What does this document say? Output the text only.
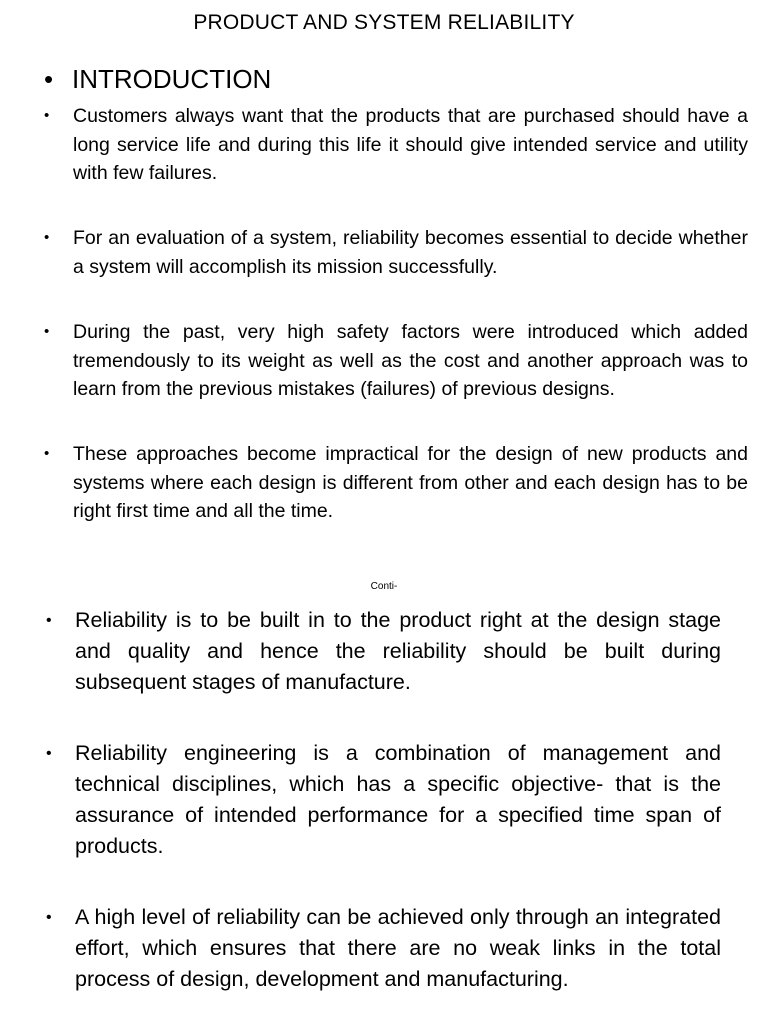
PRODUCT AND SYSTEM RELIABILITY
• INTRODUCTION

• Customers always want that the products that are purchased should have a long service life and during this life it should give intended service and utility with few failures.

• For an evaluation of a system, reliability becomes essential to decide whether a system will accomplish its mission successfully.

• During the past, very high safety factors were introduced which added tremendously to its weight as well as the cost and another approach was to learn from the previous mistakes (failures) of previous designs.

• These approaches become impractical for the design of new products and systems where each design is different from other and each design has to be right first time and all the time.

Conti-

• Reliability is to be built in to the product right at the design stage and quality and hence the reliability should be built during subsequent stages of manufacture.

• Reliability engineering is a combination of management and technical disciplines, which has a specific objective- that is the assurance of intended performance for a specified time span of products.

• A high level of reliability can be achieved only through an integrated effort, which ensures that there are no weak links in the total process of design, development and manufacturing.
